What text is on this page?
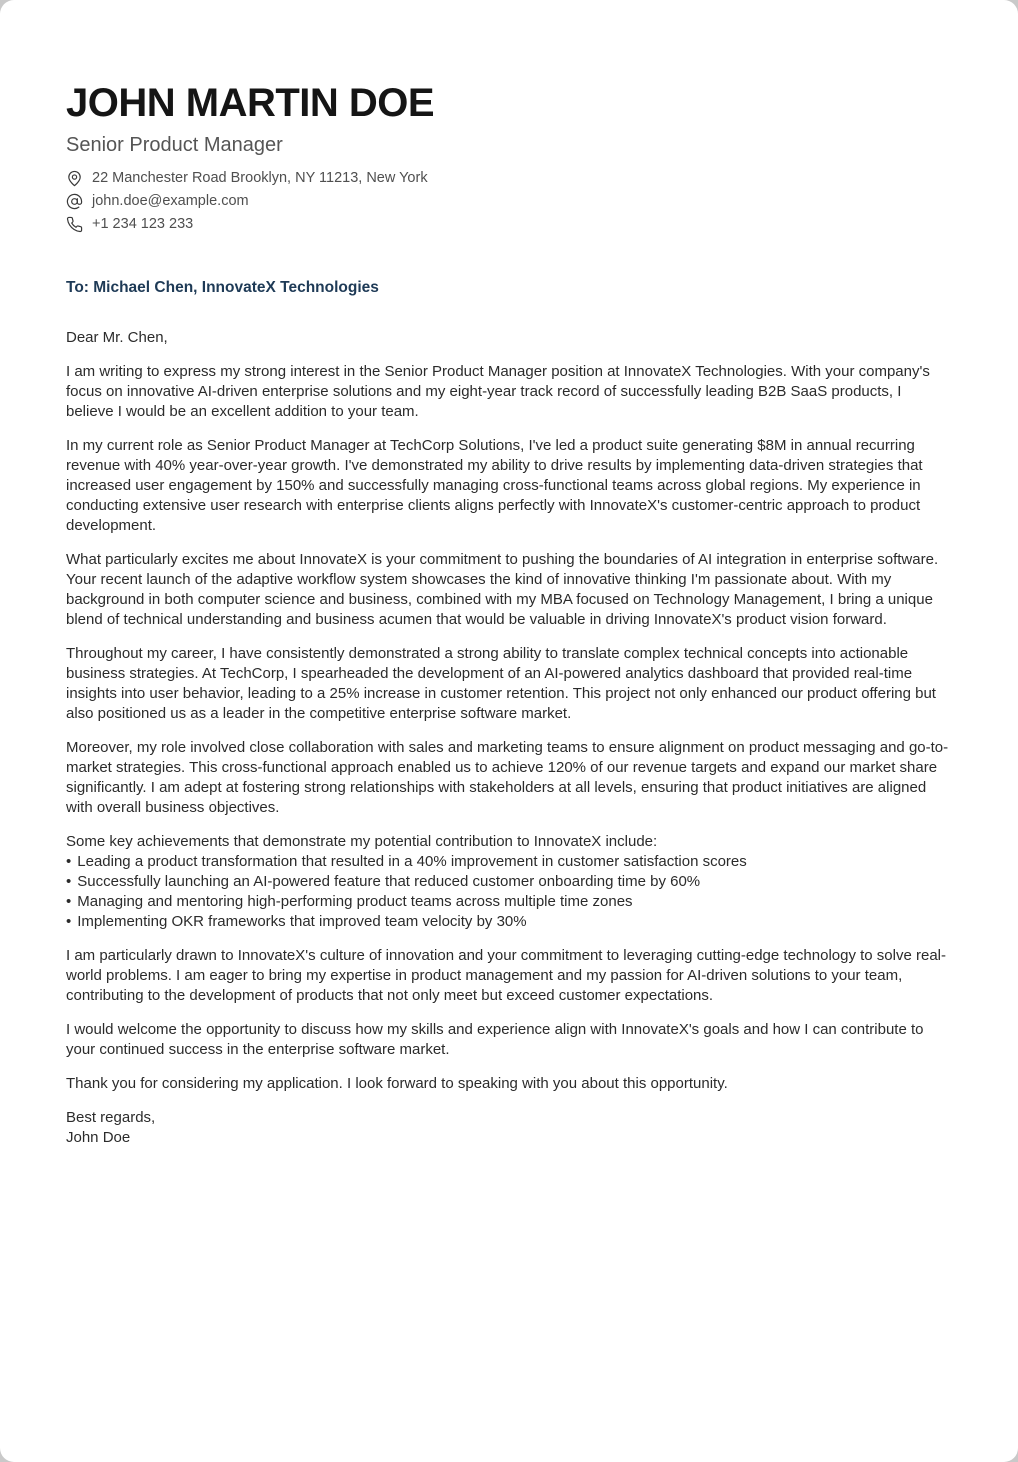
JOHN MARTIN DOE
Senior Product Manager
22 Manchester Road Brooklyn, NY 11213, New York
john.doe@example.com
+1 234 123 233
To: Michael Chen, InnovateX Technologies

Dear Mr. Chen,

I am writing to express my strong interest in the Senior Product Manager position at InnovateX Technologies. With your company's focus on innovative AI-driven enterprise solutions and my eight-year track record of successfully leading B2B SaaS products, I believe I would be an excellent addition to your team.

In my current role as Senior Product Manager at TechCorp Solutions, I've led a product suite generating $8M in annual recurring revenue with 40% year-over-year growth. I've demonstrated my ability to drive results by implementing data-driven strategies that increased user engagement by 150% and successfully managing cross-functional teams across global regions. My experience in conducting extensive user research with enterprise clients aligns perfectly with InnovateX's customer-centric approach to product development.

What particularly excites me about InnovateX is your commitment to pushing the boundaries of AI integration in enterprise software. Your recent launch of the adaptive workflow system showcases the kind of innovative thinking I'm passionate about. With my background in both computer science and business, combined with my MBA focused on Technology Management, I bring a unique blend of technical understanding and business acumen that would be valuable in driving InnovateX's product vision forward.

Throughout my career, I have consistently demonstrated a strong ability to translate complex technical concepts into actionable business strategies. At TechCorp, I spearheaded the development of an AI-powered analytics dashboard that provided real-time insights into user behavior, leading to a 25% increase in customer retention. This project not only enhanced our product offering but also positioned us as a leader in the competitive enterprise software market.

Moreover, my role involved close collaboration with sales and marketing teams to ensure alignment on product messaging and go-to-market strategies. This cross-functional approach enabled us to achieve 120% of our revenue targets and expand our market share significantly. I am adept at fostering strong relationships with stakeholders at all levels, ensuring that product initiatives are aligned with overall business objectives.

Some key achievements that demonstrate my potential contribution to InnovateX include:
• Leading a product transformation that resulted in a 40% improvement in customer satisfaction scores
• Successfully launching an AI-powered feature that reduced customer onboarding time by 60%
• Managing and mentoring high-performing product teams across multiple time zones
• Implementing OKR frameworks that improved team velocity by 30%

I am particularly drawn to InnovateX's culture of innovation and your commitment to leveraging cutting-edge technology to solve real-world problems. I am eager to bring my expertise in product management and my passion for AI-driven solutions to your team, contributing to the development of products that not only meet but exceed customer expectations.

I would welcome the opportunity to discuss how my skills and experience align with InnovateX's goals and how I can contribute to your continued success in the enterprise software market.

Thank you for considering my application. I look forward to speaking with you about this opportunity.

Best regards,
John Doe
